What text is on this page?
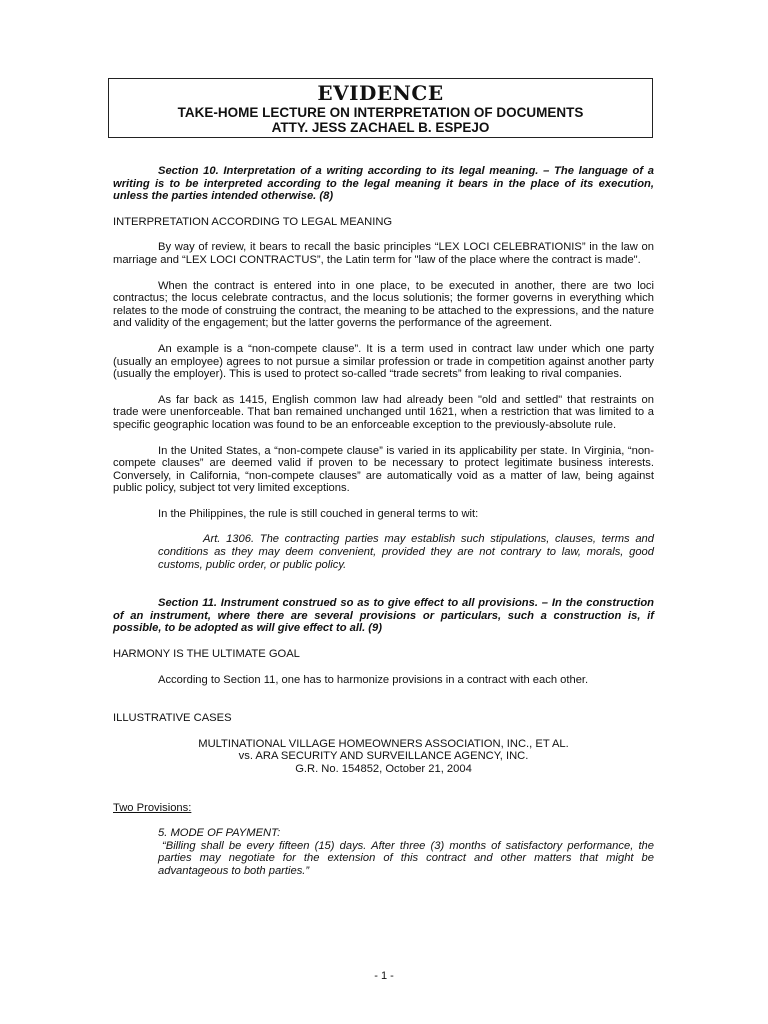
EVIDENCE
TAKE-HOME LECTURE ON INTERPRETATION OF DOCUMENTS
ATTY. JESS ZACHAEL B. ESPEJO

Section 10. Interpretation of a writing according to its legal meaning. – The language of a writing is to be interpreted according to the legal meaning it bears in the place of its execution, unless the parties intended otherwise. (8)

INTERPRETATION ACCORDING TO LEGAL MEANING

By way of review, it bears to recall the basic principles “LEX LOCI CELEBRATIONIS” in the law on marriage and “LEX LOCI CONTRACTUS”, the Latin term for "law of the place where the contract is made".

When the contract is entered into in one place, to be executed in another, there are two loci contractus; the locus celebrate contractus, and the locus solutionis; the former governs in everything which relates to the mode of construing the contract, the meaning to be attached to the expressions, and the nature and validity of the engagement; but the latter governs the performance of the agreement.

An example is a “non-compete clause”. It is a term used in contract law under which one party (usually an employee) agrees to not pursue a similar profession or trade in competition against another party (usually the employer). This is used to protect so-called “trade secrets” from leaking to rival companies.

As far back as 1415, English common law had already been "old and settled" that restraints on trade were unenforceable. That ban remained unchanged until 1621, when a restriction that was limited to a specific geographic location was found to be an enforceable exception to the previously-absolute rule.

In the United States, a “non-compete clause” is varied in its applicability per state. In Virginia, “non-compete clauses” are deemed valid if proven to be necessary to protect legitimate business interests. Conversely, in California, “non-compete clauses” are automatically void as a matter of law, being against public policy, subject tot very limited exceptions.

In the Philippines, the rule is still couched in general terms to wit:

Art. 1306. The contracting parties may establish such stipulations, clauses, terms and conditions as they may deem convenient, provided they are not contrary to law, morals, good customs, public order, or public policy.

Section 11. Instrument construed so as to give effect to all provisions. – In the construction of an instrument, where there are several provisions or particulars, such a construction is, if possible, to be adopted as will give effect to all. (9)

HARMONY IS THE ULTIMATE GOAL

According to Section 11, one has to harmonize provisions in a contract with each other.

ILLUSTRATIVE CASES

MULTINATIONAL VILLAGE HOMEOWNERS ASSOCIATION, INC., ET AL.
vs. ARA SECURITY AND SURVEILLANCE AGENCY, INC.
G.R. No. 154852, October 21, 2004

Two Provisions:

5. MODE OF PAYMENT:

“Billing shall be every fifteen (15) days. After three (3) months of satisfactory performance, the parties may negotiate for the extension of this contract and other matters that might be advantageous to both parties.”

- 1 -
